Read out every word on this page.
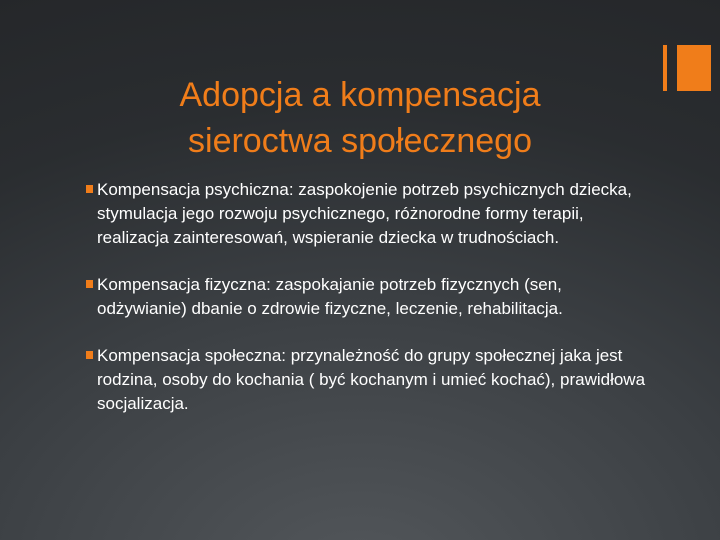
Adopcja a kompensacja
sieroctwa społecznego
Kompensacja psychiczna: zaspokojenie potrzeb psychicznych dziecka, stymulacja jego rozwoju psychicznego, różnorodne formy terapii, realizacja zainteresowań, wspieranie dziecka w trudnościach.
Kompensacja fizyczna: zaspokajanie potrzeb fizycznych (sen, odżywianie) dbanie o zdrowie fizyczne, leczenie, rehabilitacja.
Kompensacja społeczna: przynależność do grupy społecznej jaka jest rodzina, osoby do kochania ( być kochanym i umieć kochać), prawidłowa socjalizacja.
